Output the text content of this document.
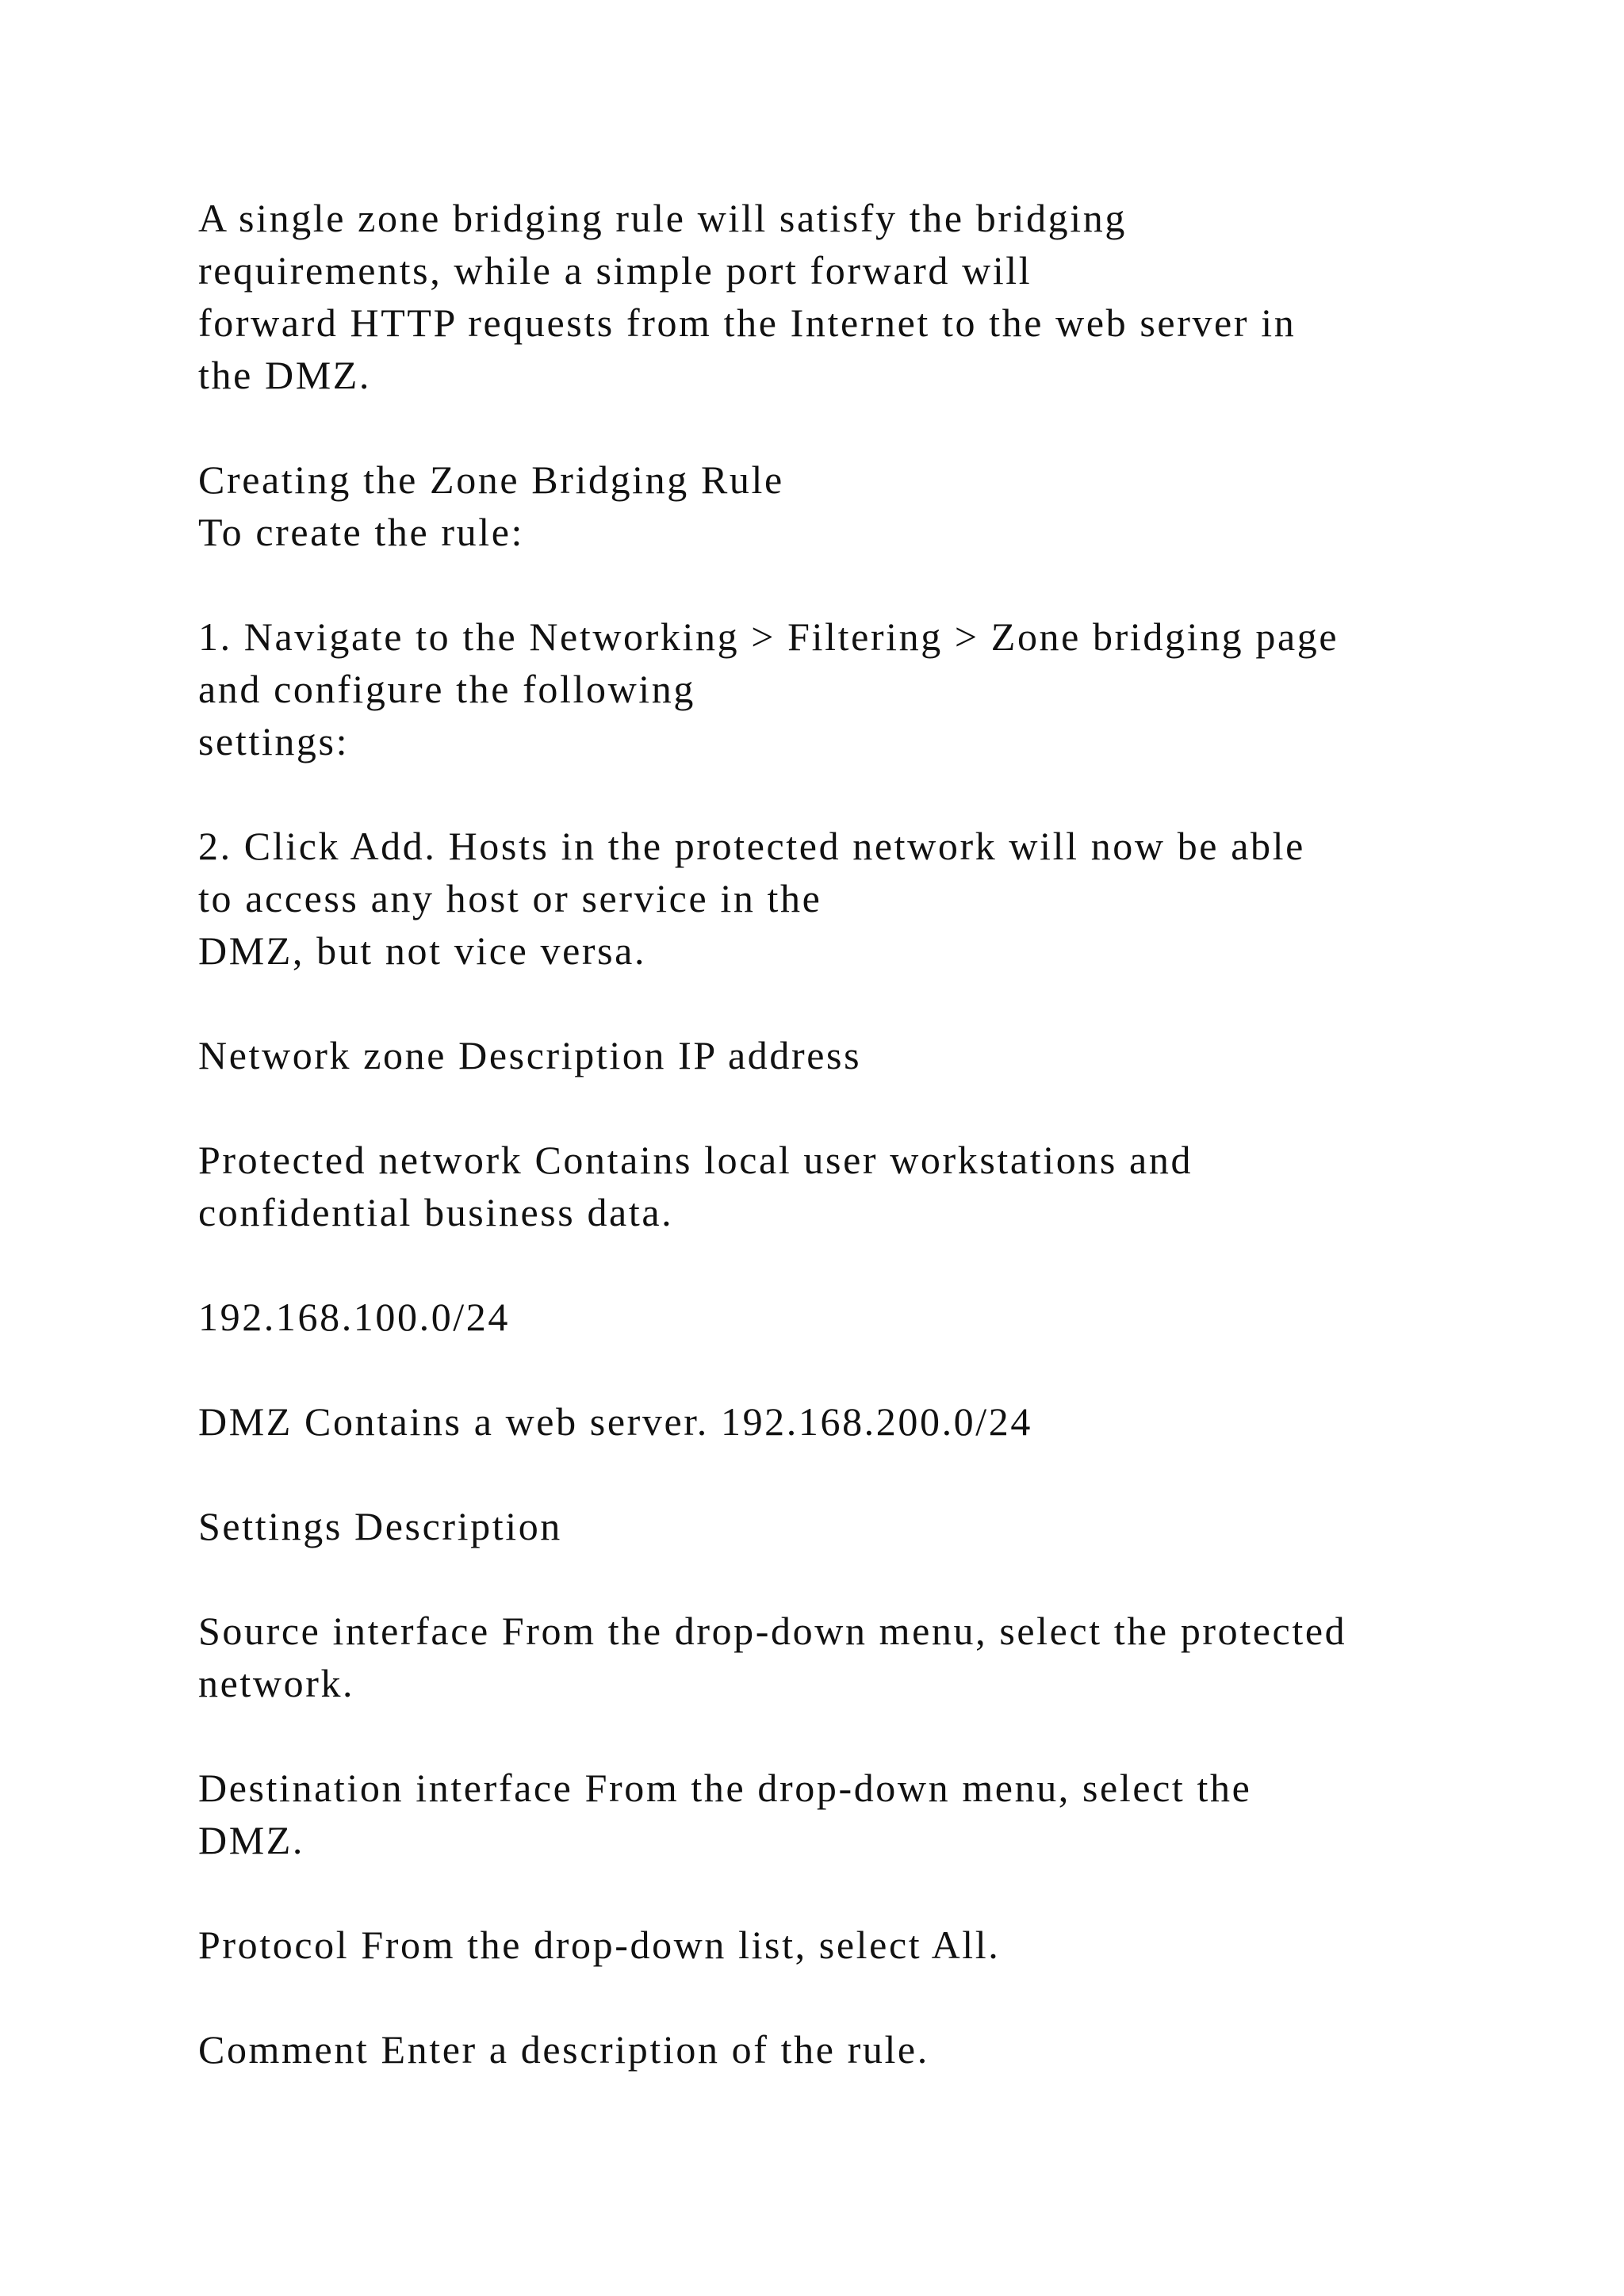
A single zone bridging rule will satisfy the bridging
requirements, while a simple port forward will
forward HTTP requests from the Internet to the web server in
the DMZ.
Creating the Zone Bridging Rule
To create the rule:
1. Navigate to the Networking > Filtering > Zone bridging page
and configure the following
settings:
2. Click Add. Hosts in the protected network will now be able
to access any host or service in the
DMZ, but not vice versa.
Network zone Description IP address
Protected network Contains local user workstations and
confidential business data.
192.168.100.0/24
DMZ Contains a web server. 192.168.200.0/24
Settings Description
Source interface From the drop-down menu, select the protected
network.
Destination interface From the drop-down menu, select the
DMZ.
Protocol From the drop-down list, select All.
Comment Enter a description of the rule.
